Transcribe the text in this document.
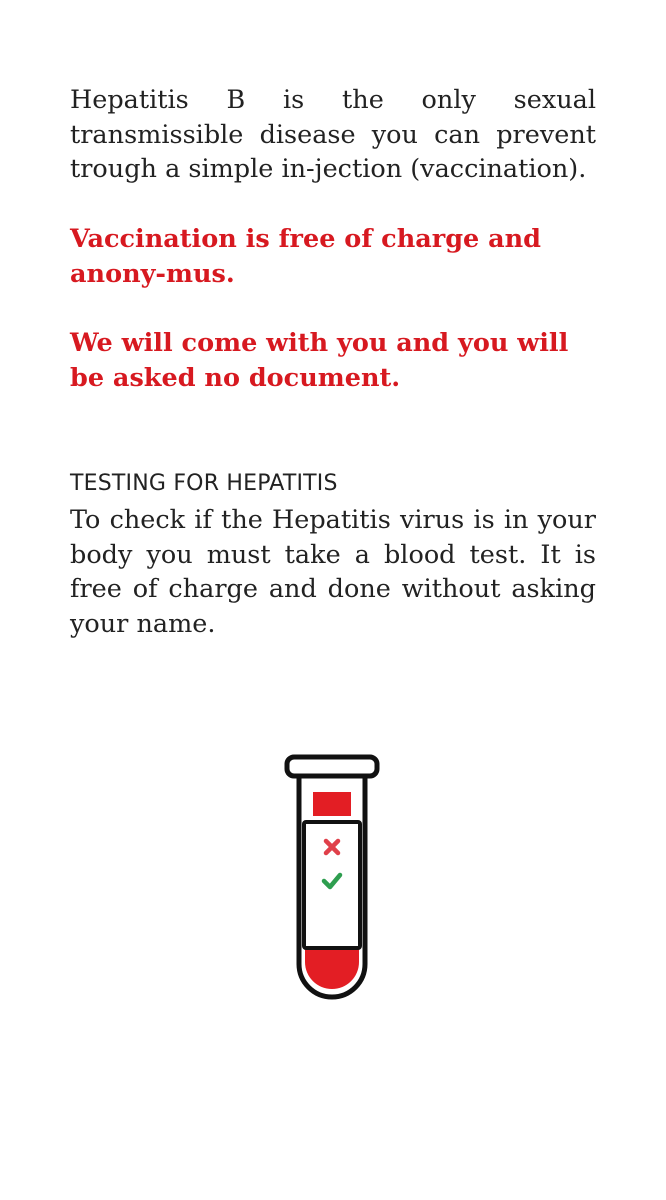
Hepatitis B is the only sexual transmissible disease you can prevent trough a simple in-jection (vaccination).

Vaccination is free of charge and anony-mus.

We will come with you and you will be asked no document.

TESTING FOR HEPATITIS

To check if the Hepatitis virus is in your body you must take a blood test. It is free of charge and done without asking your name.
